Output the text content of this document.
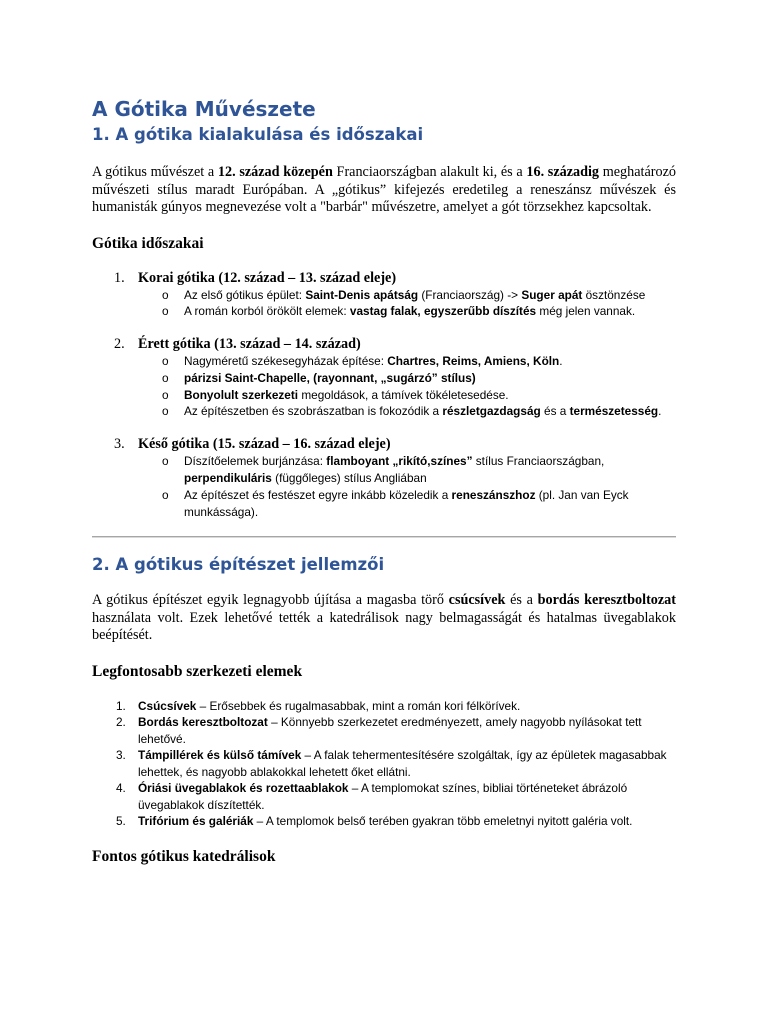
A Gótika Művészete
1. A gótika kialakulása és időszakai

A gótikus művészet a 12. század közepén Franciaországban alakult ki, és a 16. századig meghatározó művészeti stílus maradt Európában. A „gótikus” kifejezés eredetileg a reneszánsz művészek és humanisták gúnyos megnevezése volt a "barbár" művészetre, amelyet a gót törzsekhez kapcsoltak.

Gótika időszakai
1. Korai gótika (12. század – 13. század eleje)
o Az első gótikus épület: Saint-Denis apátság (Franciaország) -> Suger apát ösztönzése
o A román korból örökölt elemek: vastag falak, egyszerűbb díszítés még jelen vannak.
2. Érett gótika (13. század – 14. század)
o Nagyméretű székesegyházak építése: Chartres, Reims, Amiens, Köln.
o párizsi Saint-Chapelle, (rayonnant, „sugárzó” stílus)
o Bonyolult szerkezeti megoldások, a támívek tökéletesedése.
o Az építészetben és szobrászatban is fokozódik a részletgazdagság és a természetesség.
3. Késő gótika (15. század – 16. század eleje)
o Díszítőelemek burjánzása: flamboyant „rikító,színes” stílus Franciaországban, perpendikuláris (függőleges) stílus Angliában
o Az építészet és festészet egyre inkább közeledik a reneszánszhoz (pl. Jan van Eyck munkássága).
2. A gótikus építészet jellemzői

A gótikus építészet egyik legnagyobb újítása a magasba törő csúcsívek és a bordás keresztboltozat használata volt. Ezek lehetővé tették a katedrálisok nagy belmagasságát és hatalmas üvegablakok beépítését.

Legfontosabb szerkezeti elemek
1. Csúcsívek – Erősebbek és rugalmasabbak, mint a román kori félkörívek.
2. Bordás keresztboltozat – Könnyebb szerkezetet eredményezett, amely nagyobb nyílásokat tett lehetővé.
3. Támpillérek és külső támívek – A falak tehermentesítésére szolgáltak, így az épületek magasabbak lehettek, és nagyobb ablakokkal lehetett őket ellátni.
4. Óriási üvegablakok és rozettaablakok – A templomokat színes, bibliai történeteket ábrázoló üvegablakok díszítették.
5. Trifórium és galériák – A templomok belső terében gyakran több emeletnyi nyitott galéria volt.
Fontos gótikus katedrálisok
